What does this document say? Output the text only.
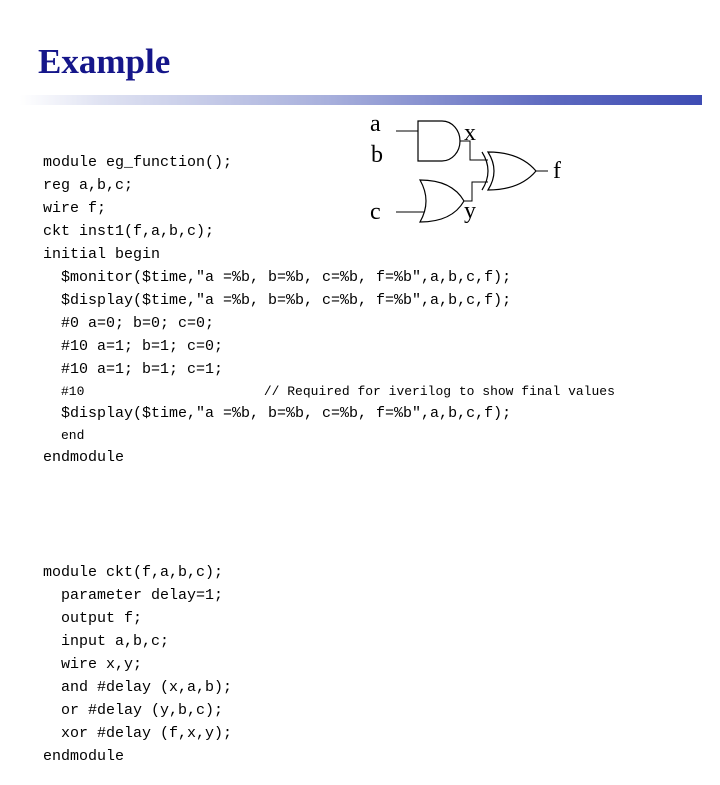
Example

module eg_function();
reg a,b,c;
wire f;
ckt inst1(f,a,b,c);
initial begin
$monitor($time,"a =%b, b=%b, c=%b, f=%b",a,b,c,f);
$display($time,"a =%b, b=%b, c=%b, f=%b",a,b,c,f);
#0 a=0; b=0; c=0;
#10 a=1; b=1; c=0;
#10 a=1; b=1; c=1;
#10                       // Required for iverilog to show final values
$display($time,"a =%b, b=%b, c=%b, f=%b",a,b,c,f);
end
endmodule

module ckt(f,a,b,c);
parameter delay=1;
output f;
input a,b,c;
wire x,y;
and #delay (x,a,b);
or #delay (y,b,c);
xor #delay (f,x,y);
endmodule

a
b
c
x
y
f
